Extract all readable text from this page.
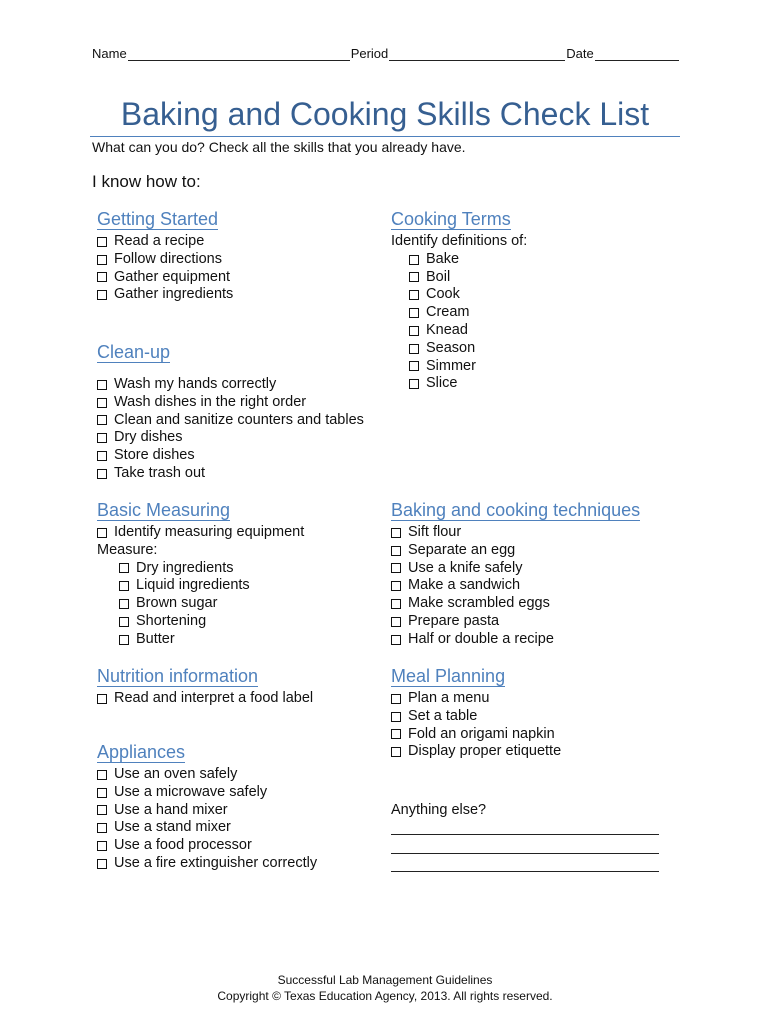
Name	Period	Date
Baking and Cooking Skills Check List
What can you do? Check all the skills that you already have.
I know how to:
Getting Started
Read a recipe
Follow directions
Gather equipment
Gather ingredients
Clean-up
Wash my hands correctly
Wash dishes in the right order
Clean and sanitize counters and tables
Dry dishes
Store dishes
Take trash out
Basic Measuring
Identify measuring equipment
Measure:
Dry ingredients
Liquid ingredients
Brown sugar
Shortening
Butter
Nutrition information
Read and interpret a food label
Appliances
Use an oven safely
Use a microwave safely
Use a hand mixer
Use a stand mixer
Use a food processor
Use a fire extinguisher correctly
Cooking Terms
Identify definitions of:
Bake
Boil
Cook
Cream
Knead
Season
Simmer
Slice
Baking and cooking techniques
Sift flour
Separate an egg
Use a knife safely
Make a sandwich
Make scrambled eggs
Prepare pasta
Half or double a recipe
Meal Planning
Plan a menu
Set a table
Fold an origami napkin
Display proper etiquette
Anything else?
Successful Lab Management Guidelines
Copyright © Texas Education Agency, 2013. All rights reserved.
